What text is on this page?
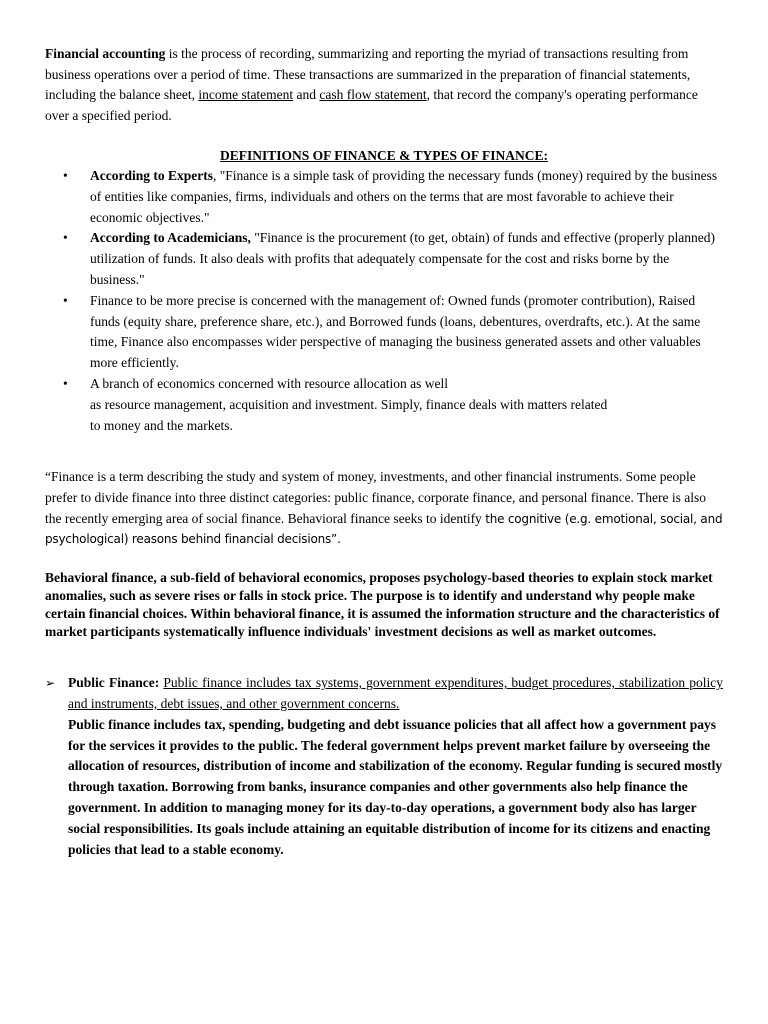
Financial accounting is the process of recording, summarizing and reporting the myriad of transactions resulting from business operations over a period of time. These transactions are summarized in the preparation of financial statements, including the balance sheet, income statement and cash flow statement, that record the company's operating performance over a specified period.

DEFINITIONS OF FINANCE & TYPES OF FINANCE:
• According to Experts, "Finance is a simple task of providing the necessary funds (money) required by the business of entities like companies, firms, individuals and others on the terms that are most favorable to achieve their economic objectives."
• According to Academicians, "Finance is the procurement (to get, obtain) of funds and effective (properly planned) utilization of funds. It also deals with profits that adequately compensate for the cost and risks borne by the business."
• Finance to be more precise is concerned with the management of: Owned funds (promoter contribution), Raised funds (equity share, preference share, etc.), and Borrowed funds (loans, debentures, overdrafts, etc.). At the same time, Finance also encompasses wider perspective of managing the business generated assets and other valuables more efficiently.
• A branch of economics concerned with resource allocation as well
as resource management, acquisition and investment. Simply, finance deals with matters related
to money and the markets.

“Finance is a term describing the study and system of money, investments, and other financial instruments. Some people prefer to divide finance into three distinct categories: public finance, corporate finance, and personal finance. There is also the recently emerging area of social finance. Behavioral finance seeks to identify the cognitive (e.g. emotional, social, and psychological) reasons behind financial decisions”.

Behavioral finance, a sub-field of behavioral economics, proposes psychology-based theories to explain stock market anomalies, such as severe rises or falls in stock price. The purpose is to identify and understand why people make certain financial choices. Within behavioral finance, it is assumed the information structure and the characteristics of market participants systematically influence individuals' investment decisions as well as market outcomes.

➢ Public Finance: Public finance includes tax systems, government expenditures, budget procedures, stabilization policy and instruments, debt issues, and other government concerns.

Public finance includes tax, spending, budgeting and debt issuance policies that all affect how a government pays for the services it provides to the public. The federal government helps prevent market failure by overseeing the allocation of resources, distribution of income and stabilization of the economy. Regular funding is secured mostly through taxation. Borrowing from banks, insurance companies and other governments also help finance the government. In addition to managing money for its day-to-day operations, a government body also has larger social responsibilities. Its goals include attaining an equitable distribution of income for its citizens and enacting policies that lead to a stable economy.
